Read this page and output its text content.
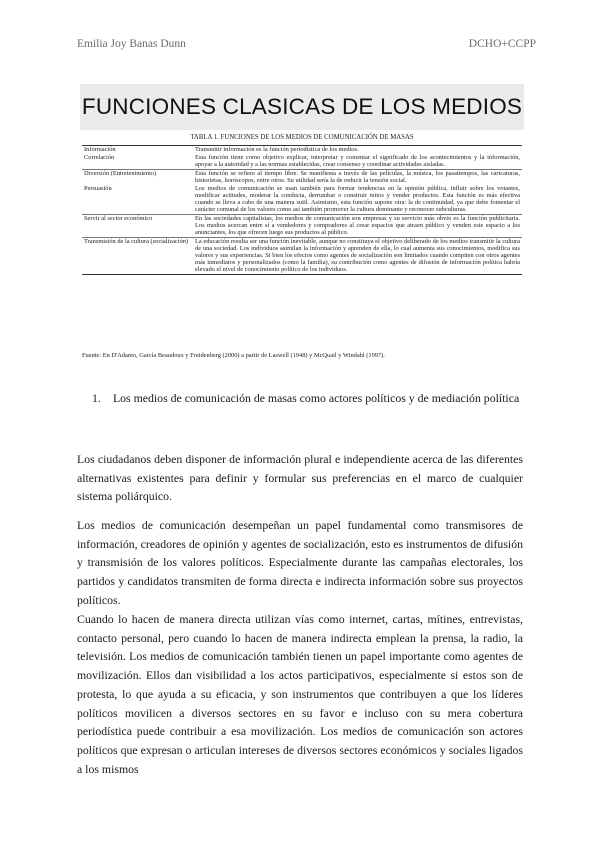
Emilia Joy Banas Dunn	DCHO+CCPP
FUNCIONES CLASICAS DE LOS MEDIOS
TABLA 1. FUNCIONES DE LOS MEDIOS DE COMUNICACIÓN DE MASAS
Información	Transmitir información es la función periodística de los medios.
Correlación	Esta función tiene como objetivo explicar, interpretar y comentar el significado de los acontecimientos y la información, apoyar a la autoridad y a las normas establecidas, crear consenso y coordinar actividades aisladas.
Diversión (Entretenimiento)	Esta función se refiere al tiempo libre. Se manifiesta a través de las películas, la música, los pasatiempos, las caricaturas, historietas, horóscopos, entre otros. Su utilidad sería la de reducir la tensión social.
Persuasión	Los medios de comunicación se usan también para formar tendencias en la opinión pública, influir sobre los votantes, modificar actitudes, moderar la conducta, derrumbar o construir mitos y vender productos. Esta función es más efectiva cuando se lleva a cabo de una manera sutil. Asimismo, esta función supone otra: la de continuidad, ya que debe fomentar el carácter comunal de los valores como así también promover la cultura dominante y reconocer subculturas.
Servir al sector económico	En las sociedades capitalistas, los medios de comunicación son empresas y su servicio más obvio es la función publicitaria. Los medios acercan entre sí a vendedores y compradores al crear espacios que atraen público y venden este espacio a los anunciantes, los que ofrecen luego sus productos al público.
Transmisión de la cultura (socialización)	La educación resulta ser una función inevitable, aunque no constituya el objetivo deliberado de los medios transmitir la cultura de una sociedad. Los individuos asimilan la información y aprenden de ella, lo cual aumenta sus conocimientos, modifica sus valores y sus experiencias. Si bien los efectos como agentes de socialización son limitados cuando compiten con otros agentes más inmediatos y personalizados (como la familia), su contribución como agentes de difusión de información política habría elevado el nivel de conocimiento político de los individuos.
Fuente: En D'Adamo, García Beaudoux y Freidenberg (2000) a partir de Laswell (1948) y McQuail y Windahl (1997).
1. Los medios de comunicación de masas como actores políticos y de mediación política

Los ciudadanos deben disponer de información plural e independiente acerca de las diferentes alternativas existentes para definir y formular sus preferencias en el marco de cualquier sistema poliárquico.

Los medios de comunicación desempeñan un papel fundamental como transmisores de información, creadores de opinión y agentes de socialización, esto es instrumentos de difusión y transmisión de los valores políticos. Especialmente durante las campañas electorales, los partidos y candidatos transmiten de forma directa e indirecta información sobre sus proyectos políticos.

Cuando lo hacen de manera directa utilizan vías como internet, cartas, mítines, entrevistas, contacto personal, pero cuando lo hacen de manera indirecta emplean la prensa, la radio, la televisión. Los medios de comunicación también tienen un papel importante como agentes de movilización. Ellos dan visibilidad a los actos participativos, especialmente si estos son de protesta, lo que ayuda a su eficacia, y son instrumentos que contribuyen a que los líderes políticos movilicen a diversos sectores en su favor e incluso con su mera cobertura periodística puede contribuir a esa movilización. Los medios de comunicación son actores políticos que expresan o articulan intereses de diversos sectores económicos y sociales ligados a los mismos
